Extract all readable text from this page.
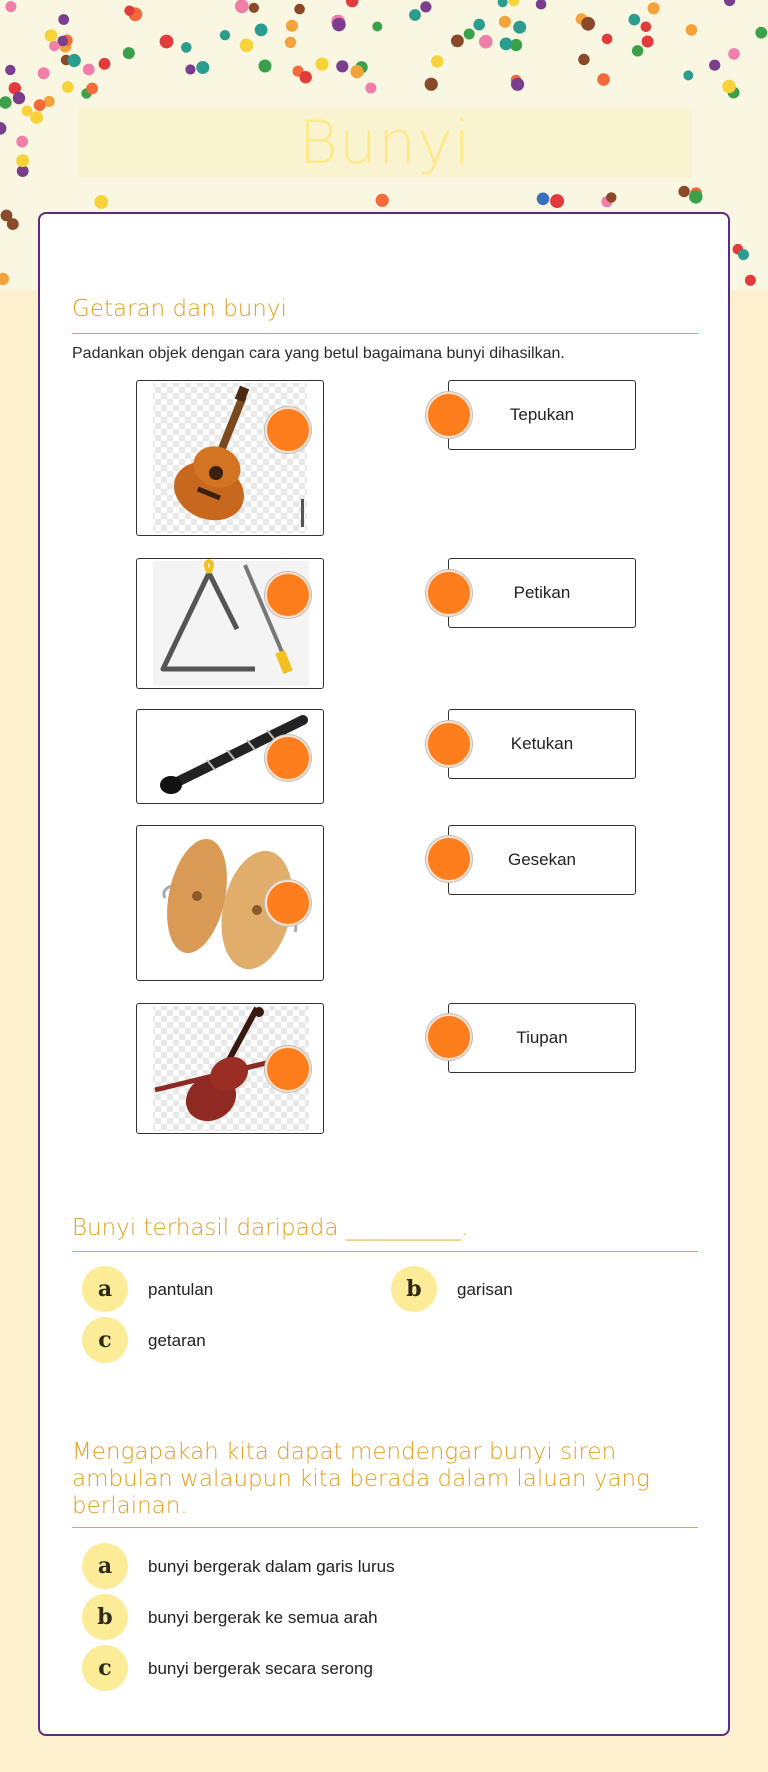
Bunyi
Getaran dan bunyi
Padankan objek dengan cara yang betul bagaimana bunyi dihasilkan.
Tepukan
Petikan
Ketukan
Gesekan
Tiupan
Bunyi terhasil daripada __________.
a	pantulan	b	garisan
c	getaran
Mengapakah kita dapat mendengar bunyi siren
ambulan walaupun kita berada dalam laluan yang
berlainan.
a	bunyi bergerak dalam garis lurus
b	bunyi bergerak ke semua arah
c	bunyi bergerak secara serong
